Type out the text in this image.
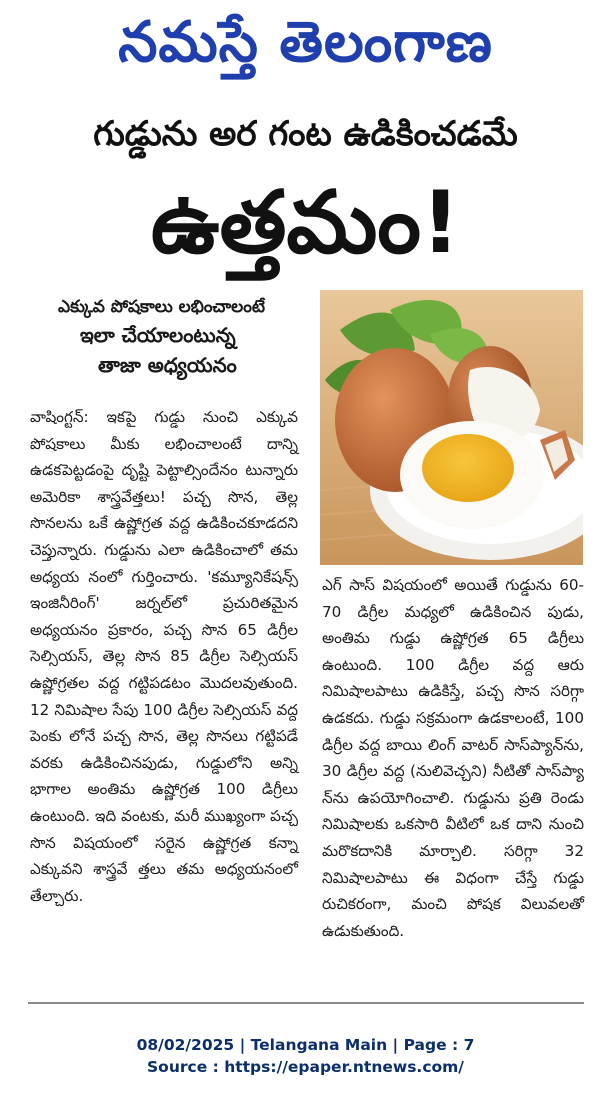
నమస్తే తెలంగాణ
గుడ్డును అర గంట ఉడికించడమే
ఉత్తమం!
ఎక్కువ పోషకాలు లభించాలంటే
ఇలా చేయాలంటున్న
తాజా అధ్యయనం
వాషింగ్టన్: ఇకపై గుడ్డు నుంచి ఎక్కువ పోషకాలు మీకు లభించాలంటే దాన్ని ఉడకపెట్టడంపై దృష్టి పెట్టాల్సిందేనం టున్నారు అమెరికా శాస్త్రవేత్తలు! పచ్చ సొన, తెల్ల సొనలను ఒకే ఉష్ణోగ్రత వద్ద ఉడికించకూడదని చెప్తున్నారు. గుడ్డును ఎలా ఉడికించాలో తమ అధ్యయ నంలో గుర్తించారు. 'కమ్యూనికేషన్స్ ఇంజినీరింగ్' జర్నల్‌లో ప్రచురితమైన అధ్యయనం ప్రకారం, పచ్చ సొన 65 డిగ్రీల సెల్సియస్, తెల్ల సొన 85 డిగ్రీల సెల్సియస్ ఉష్ణోగ్రతల వద్ద గట్టిపడటం మొదలవుతుంది. 12 నిమిషాల సేపు 100 డిగ్రీల సెల్సియస్ వద్ద పెంకు లోనే పచ్చ సొన, తెల్ల సొనలు గట్టిపడే వరకు ఉడికించినపుడు, గుడ్డులోని అన్ని భాగాల అంతిమ ఉష్ణోగ్రత 100 డిగ్రీలు ఉంటుంది. ఇది వంటకు, మరీ ముఖ్యంగా పచ్చ సొన విషయంలో సరైన ఉష్ణోగ్రత కన్నా ఎక్కువని శాస్త్రవే త్తలు తమ అధ్యయనంలో తేల్చారు.
ఎగ్ సాస్ విషయంలో అయితే గుడ్డును 60-70 డిగ్రీల మధ్యలో ఉడికించిన పుడు, అంతిమ గుడ్డు ఉష్ణోగ్రత 65 డిగ్రీలు ఉంటుంది. 100 డిగ్రీల వద్ద ఆరు నిమిషాలపాటు ఉడికిస్తే, పచ్చ సొన సరిగ్గా ఉడకదు. గుడ్డు సక్రమంగా ఉడకాలంటే, 100 డిగ్రీల వద్ద బాయి లింగ్ వాటర్ సాస్‌ప్యాన్‌ను, 30 డిగ్రీల వద్ద (నులివెచ్చని) నీటితో సాస్‌ప్యా న్‌ను ఉపయోగించాలి. గుడ్డును ప్రతి రెండు నిమిషాలకు ఒకసారి వీటిలో ఒక దాని నుంచి మరొకదానికి మార్చాలి. సరిగ్గా 32 నిమిషాలపాటు ఈ విధంగా చేస్తే గుడ్డు రుచికరంగా, మంచి పోషక విలువలతో ఉడుకుతుంది.
08/02/2025 | Telangana Main | Page : 7
Source : https://epaper.ntnews.com/
